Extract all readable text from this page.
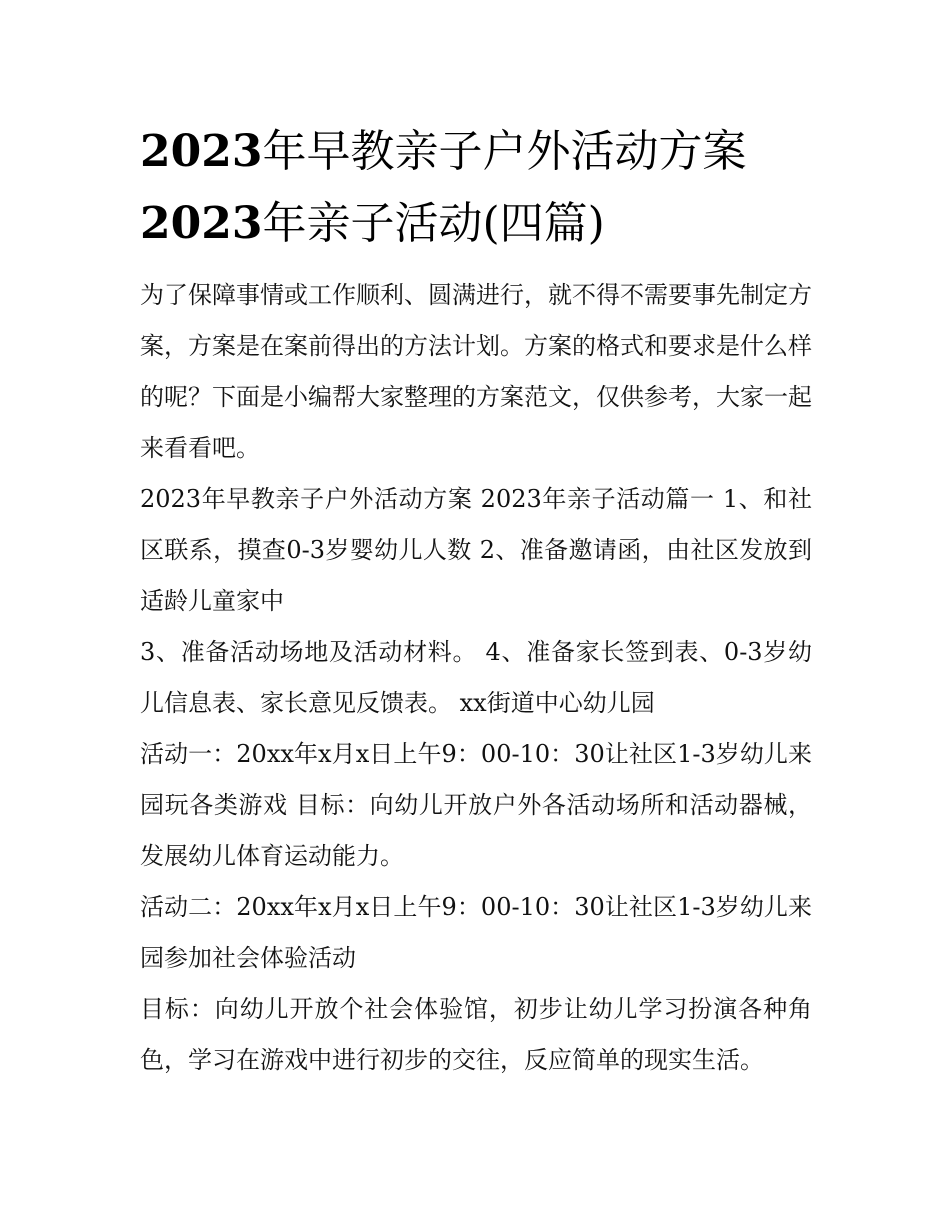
2023年早教亲子户外活动方案
2023年亲子活动(四篇)

为了保障事情或工作顺利、圆满进行，就不得不需要事先制定方案，方案是在案前得出的方法计划。方案的格式和要求是什么样的呢？下面是小编帮大家整理的方案范文，仅供参考，大家一起来看看吧。

2023年早教亲子户外活动方案 2023年亲子活动篇一 1、和社区联系，摸查0-3岁婴幼儿人数 2、准备邀请函，由社区发放到适龄儿童家中

3、准备活动场地及活动材料。 4、准备家长签到表、0-3岁幼儿信息表、家长意见反馈表。 xx街道中心幼儿园

活动一：20xx年x月x日上午9：00-10：30让社区1-3岁幼儿来园玩各类游戏 目标：向幼儿开放户外各活动场所和活动器械，发展幼儿体育运动能力。

活动二：20xx年x月x日上午9：00-10：30让社区1-3岁幼儿来园参加社会体验活动

目标：向幼儿开放个社会体验馆，初步让幼儿学习扮演各种角色，学习在游戏中进行初步的交往，反应简单的现实生活。
